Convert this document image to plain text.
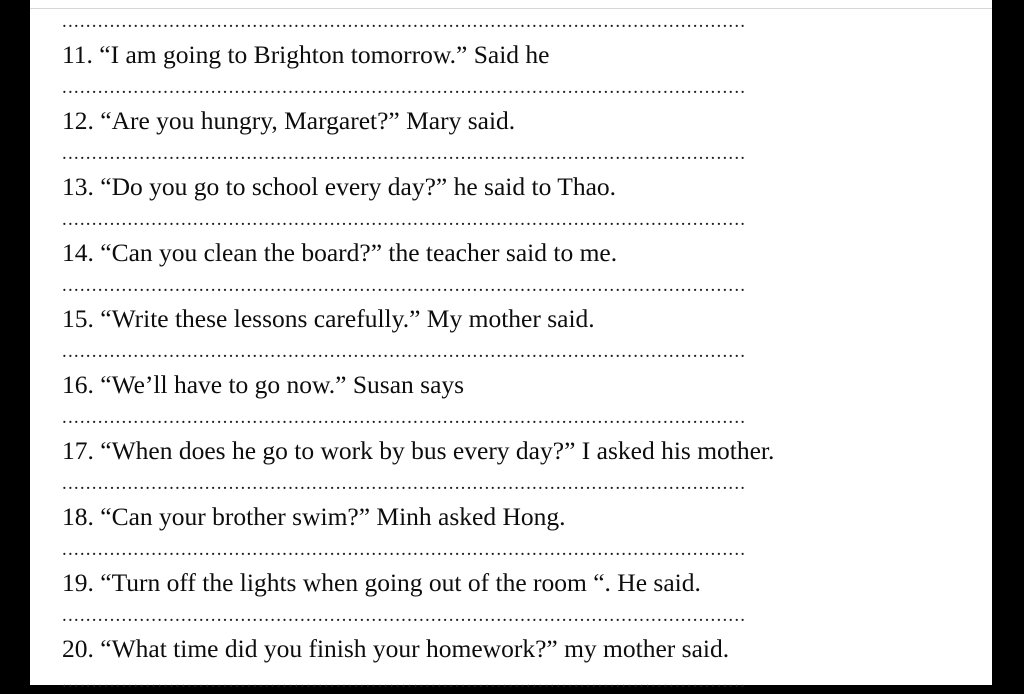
...................................................................................................................
11. “I am going to Brighton tomorrow.” Said he
...................................................................................................................
12. “Are you hungry, Margaret?” Mary said.
...................................................................................................................
13. “Do you go to school every day?” he said to Thao.
...................................................................................................................
14. “Can you clean the board?” the teacher said to me.
...................................................................................................................
15. “Write these lessons carefully.” My mother said.
...................................................................................................................
16. “We’ll have to go now.” Susan says
...................................................................................................................
17. “When does he go to work by bus every day?” I asked his mother.
...................................................................................................................
18. “Can your brother swim?” Minh asked Hong.
...................................................................................................................
19. “Turn off the lights when going out of the room “. He said.
...................................................................................................................
20. “What time did you finish your homework?” my mother said.
...................................................................................................................
